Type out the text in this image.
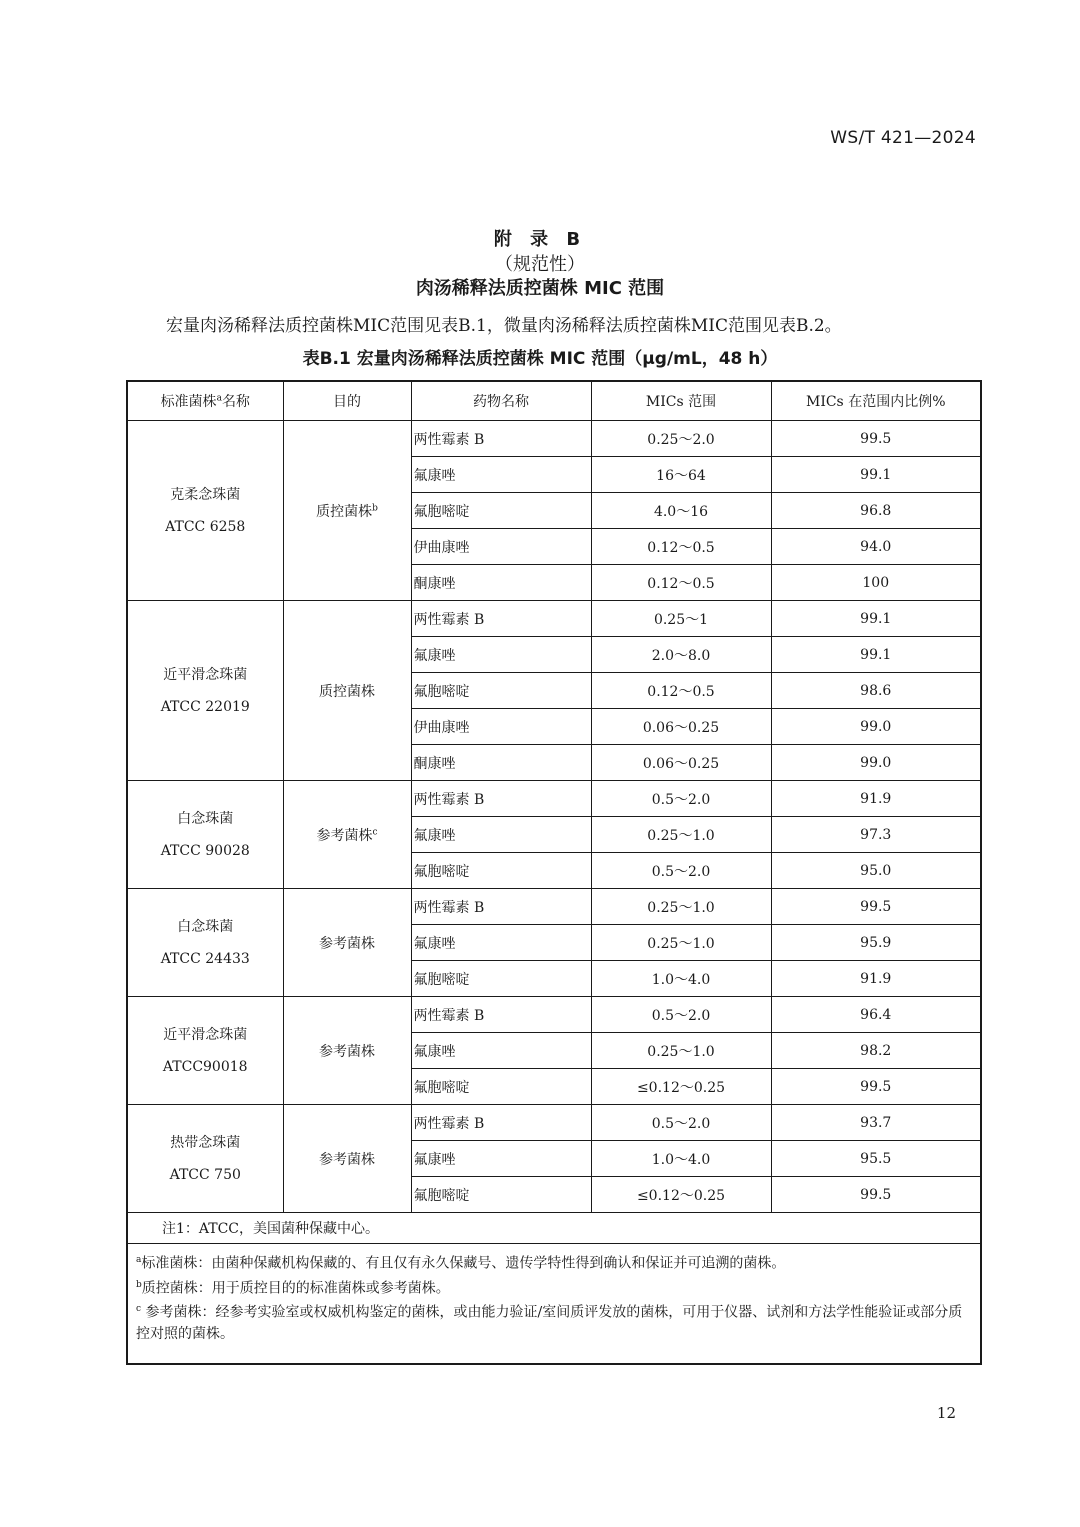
WS/T 421—2024
附 录 B
（规范性）
肉汤稀释法质控菌株 MIC 范围
宏量肉汤稀释法质控菌株MIC范围见表B.1，微量肉汤稀释法质控菌株MIC范围见表B.2。
表B.1 宏量肉汤稀释法质控菌株 MIC 范围（μg/mL，48 h）
标准菌株$^a$名称	目的	药物名称	MICs 范围	MICs 在范围内比例%

克柔念珠菌
ATCC 6258	质控菌株$^b$	两性霉素 B	0.25～2.0	99.5
		氟康唑	16～64	99.1
		氟胞嘧啶	4.0～16	96.8
		伊曲康唑	0.12～0.5	94.0
		酮康唑	0.12～0.5	100

近平滑念珠菌
ATCC 22019	质控菌株	两性霉素 B	0.25～1	99.1
		氟康唑	2.0～8.0	99.1
		氟胞嘧啶	0.12～0.5	98.6
		伊曲康唑	0.06～0.25	99.0
		酮康唑	0.06～0.25	99.0

白念珠菌
ATCC 90028	参考菌株$^c$	两性霉素 B	0.5～2.0	91.9
		氟康唑	0.25～1.0	97.3
		氟胞嘧啶	0.5～2.0	95.0

白念珠菌
ATCC 24433	参考菌株	两性霉素 B	0.25～1.0	99.5
		氟康唑	0.25～1.0	95.9
		氟胞嘧啶	1.0～4.0	91.9

近平滑念珠菌
ATCC90018	参考菌株	两性霉素 B	0.5～2.0	96.4
		氟康唑	0.25～1.0	98.2
		氟胞嘧啶	≤0.12～0.25	99.5

热带念珠菌
ATCC 750	参考菌株	两性霉素 B	0.5～2.0	93.7
		氟康唑	1.0～4.0	95.5
		氟胞嘧啶	≤0.12～0.25	99.5
注1：ATCC，美国菌种保藏中心。				

$^a$标准菌株：由菌种保藏机构保藏的、有且仅有永久保藏号、遗传学特性得到确认和保证并可追溯的菌株。
$^b$质控菌株：用于质控目的的标准菌株或参考菌株。
$^c$ 参考菌株：经参考实验室或权威机构鉴定的菌株，或由能力验证/室间质评发放的菌株，可用于仪器、试剂和方法学性能验证或部分质控对照的菌株。				
12
